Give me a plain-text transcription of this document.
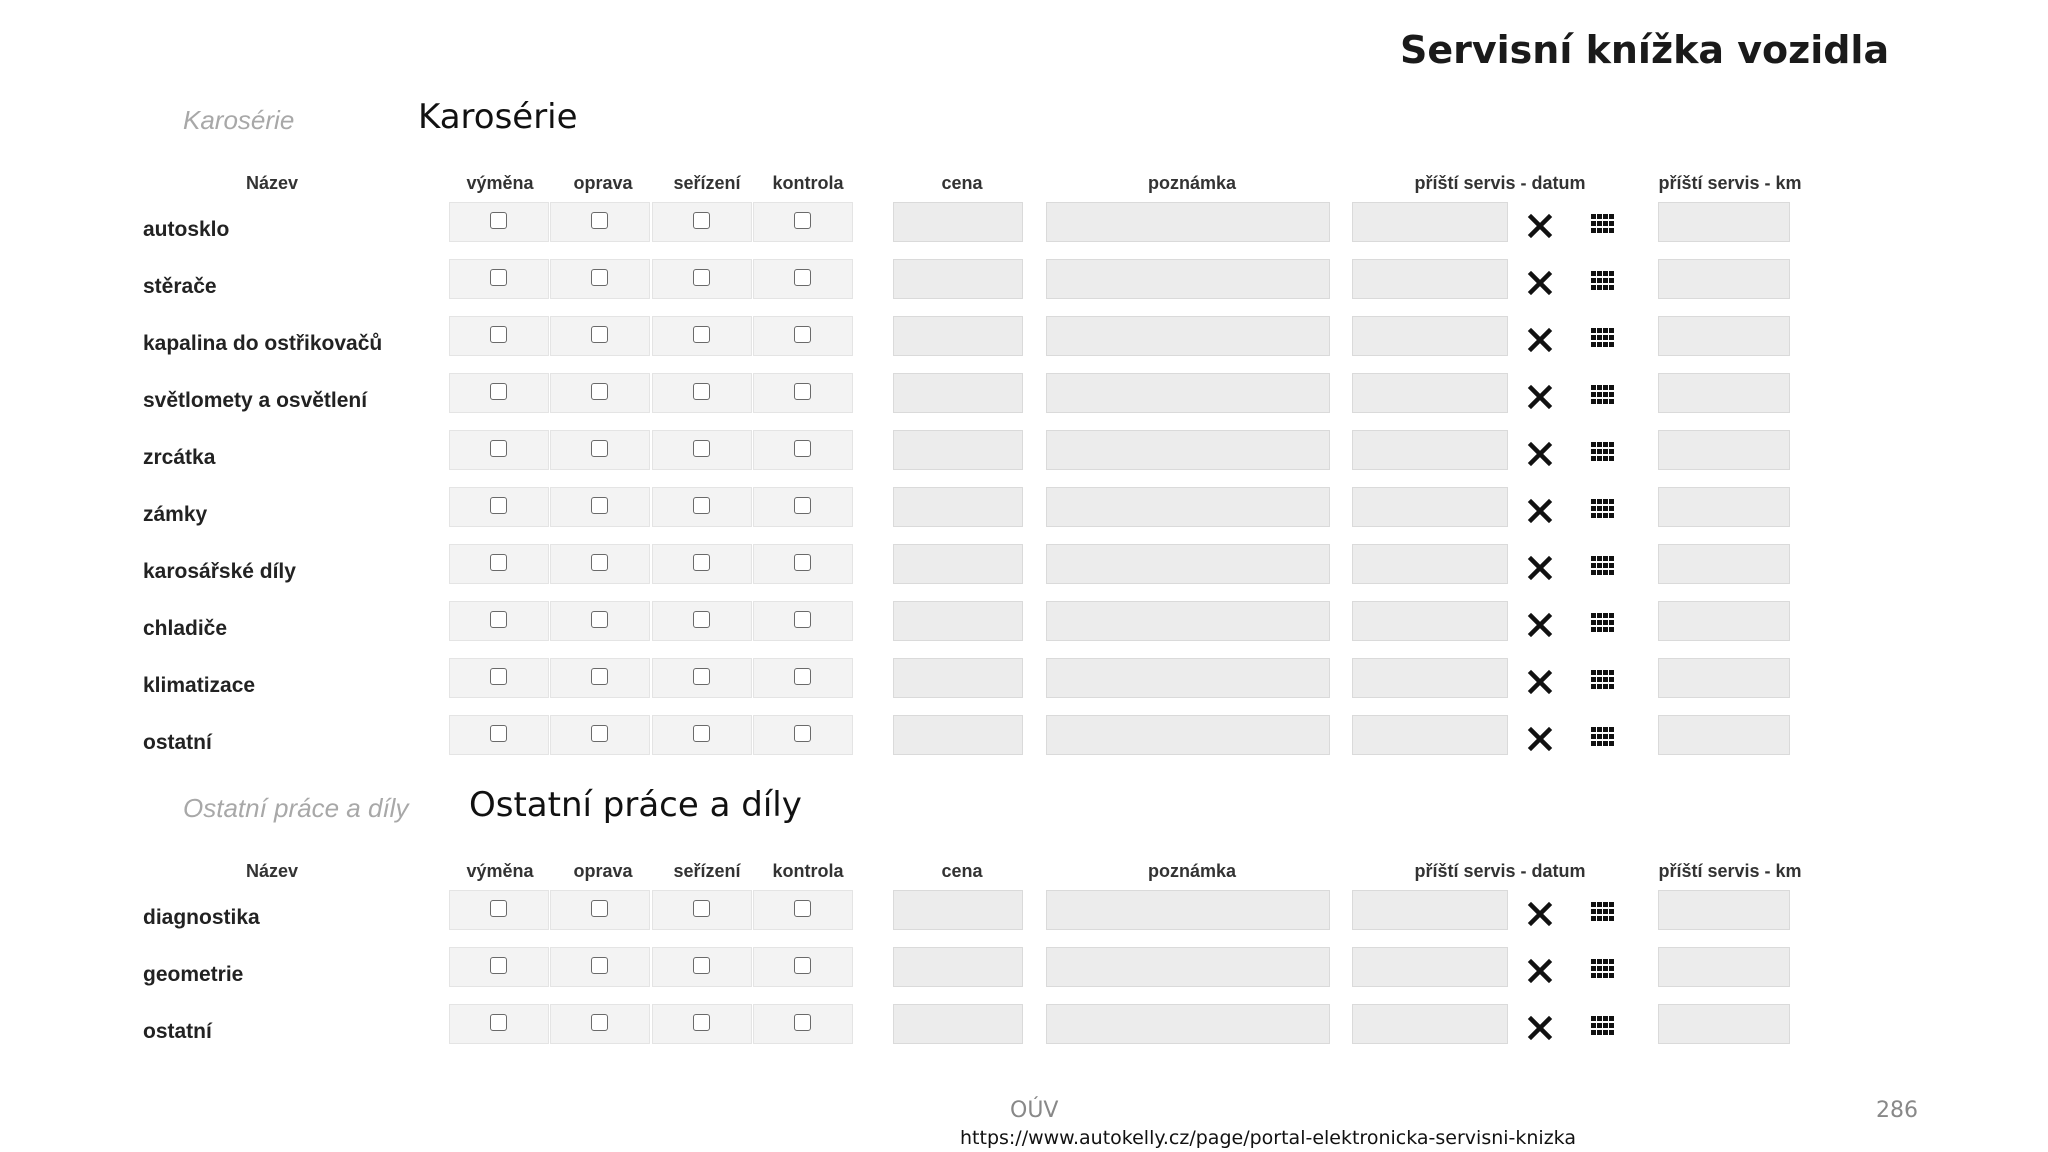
Servisní knížka vozidla
Karosérie	Karosérie
Název	výměna oprava seřízení kontrola	cena	poznámka	příští servis - datum	příští servis - km
autosklo
stěrače
kapalina do ostřikovačů
světlomety a osvětlení
zrcátka
zámky
karosářské díly
chladiče
klimatizace
ostatní
Ostatní práce a díly Ostatní práce a díly
Název	výměna oprava seřízení kontrola	cena	poznámka	příští servis - datum	příští servis - km
diagnostika
geometrie
ostatní
OÚV
https://www.autokelly.cz/page/portal-elektronicka-servisni-knizka
286
